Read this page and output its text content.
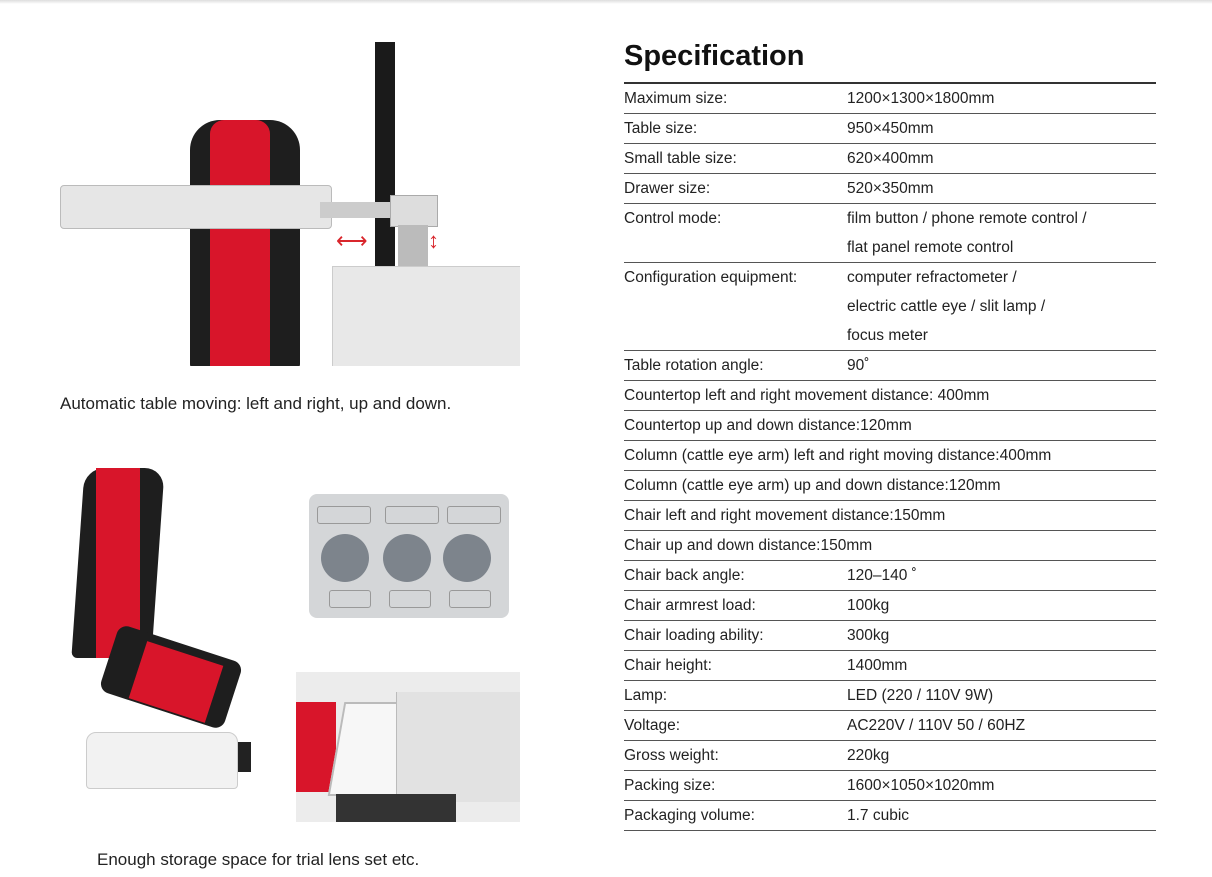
⟷	↕
Automatic table moving: left and right, up and down.
Enough storage space for trial lens set etc.
Specification
Maximum size:	1200×1300×1800mm
Table size:	950×450mm
Small table size:	620×400mm
Drawer size:	520×350mm
Control mode:	film button / phone remote control /
flat panel remote control
Configuration equipment:	computer refractometer /
electric cattle eye / slit lamp /
focus meter
Table rotation angle:	90˚
Countertop left and right movement distance: 400mm
Countertop up and down distance:120mm
Column (cattle eye arm) left and right moving distance:400mm
Column (cattle eye arm) up and down distance:120mm
Chair left and right movement distance:150mm
Chair up and down distance:150mm
Chair back angle:	120–140 ˚
Chair armrest load:	100kg
Chair loading ability:	300kg
Chair height:	1400mm
Lamp:	LED (220 / 110V 9W)
Voltage:	AC220V / 110V 50 / 60HZ
Gross weight:	220kg
Packing size:	1600×1050×1020mm
Packaging volume:	1.7 cubic
